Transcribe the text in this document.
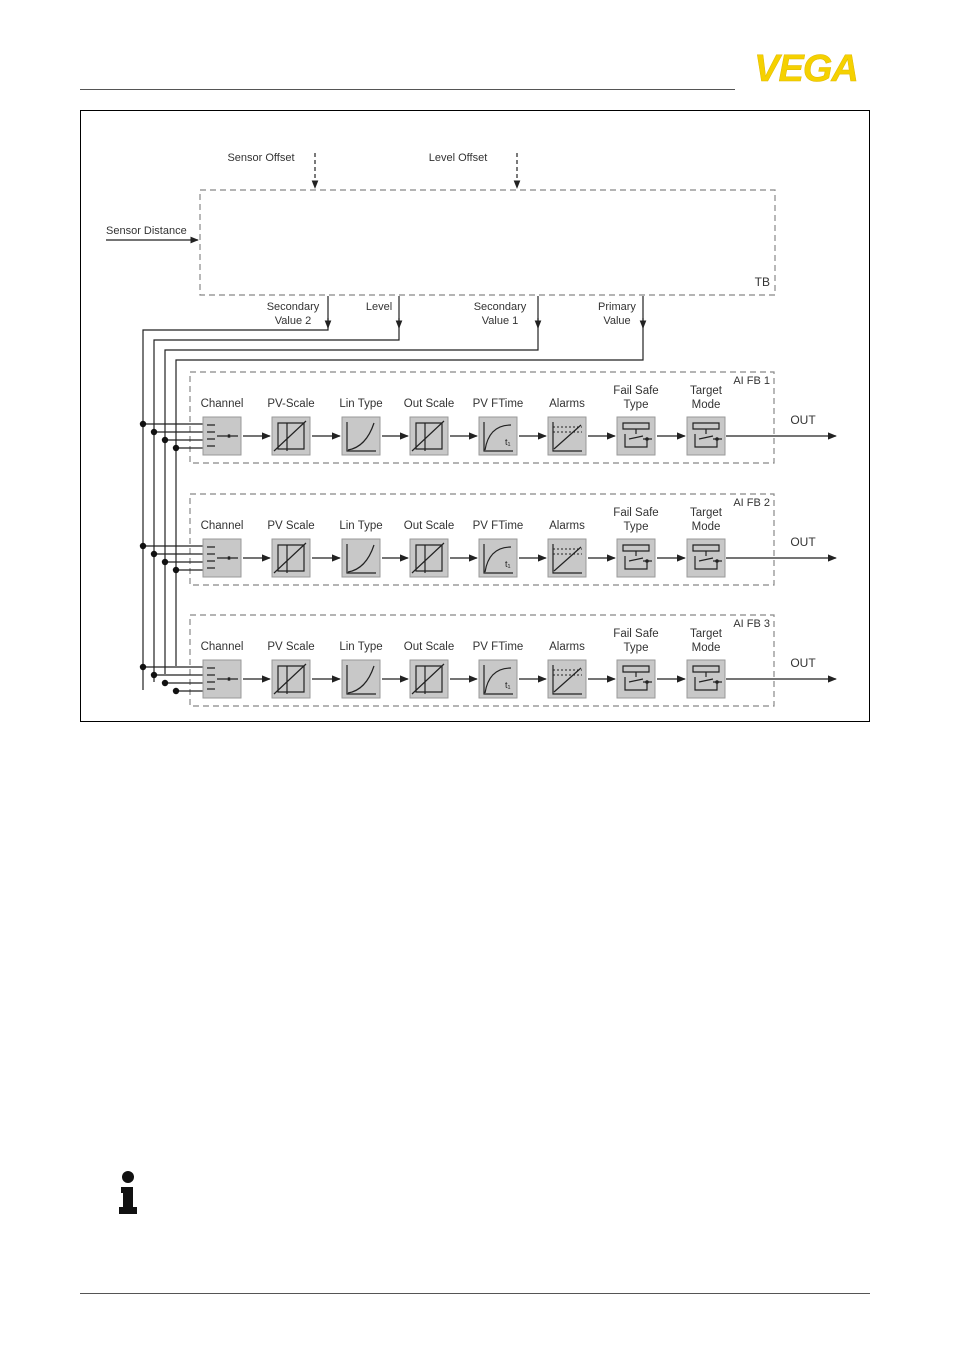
VEGA
AI FB 1
Channel PV-Scale Lin Type Out Scale
t₁
PV FTime Alarms
Fail Safe
Type
Target
Mode
OUT
AI FB 2
Channel PV Scale Lin Type Out Scale
t₁
PV FTime Alarms
Fail Safe
Type
Target
Mode
OUT
AI FB 3
Channel PV Scale Lin Type Out Scale
t₁
PV FTime Alarms
Fail Safe
Type
Target
Mode
OUT
Sensor Offset	Level Offset
Sensor Distance
TB
Secondary
Value 2
Level	Secondary
Value 1
Primary
Value
